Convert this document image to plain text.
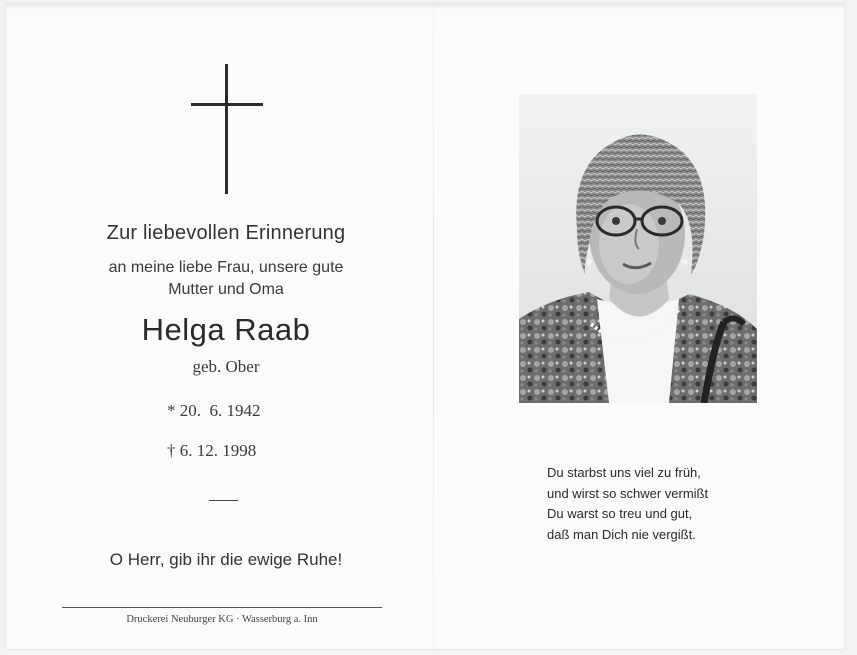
Zur liebevollen Erinnerung
an meine liebe Frau, unsere gute
Mutter und Oma
Helga Raab
geb. Ober
* 20.  6. 1942
† 6. 12. 1998
O Herr, gib ihr die ewige Ruhe!
Druckerei Neuburger KG · Wasserburg a. Inn
Du starbst uns viel zu früh,
und wirst so schwer vermißt
Du warst so treu und gut,
daß man Dich nie vergißt.
